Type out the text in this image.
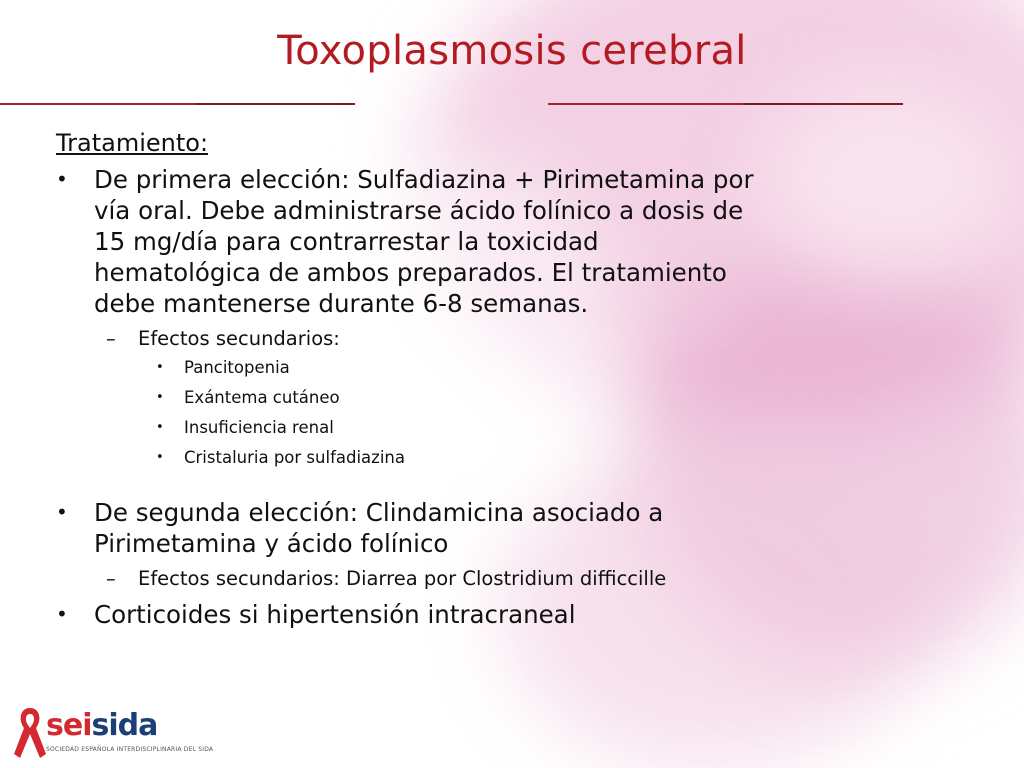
Toxoplasmosis cerebral
Tratamiento:
• De primera elección: Sulfadiazina + Pirimetamina por
vía oral. Debe administrarse ácido folínico a dosis de
15 mg/día para contrarrestar la toxicidad
hematológica de ambos preparados. El tratamiento
debe mantenerse durante 6-8 semanas.
– Efectos secundarios:
• Pancitopenia
• Exántema cutáneo
• Insuficiencia renal
• Cristaluria por sulfadiazina
• De segunda elección: Clindamicina asociado a
Pirimetamina y ácido folínico
– Efectos secundarios: Diarrea por Clostridium difficcille
• Corticoides si hipertensión intracraneal
seisida
SOCIEDAD ESPAÑOLA INTERDISCIPLINARIA DEL SIDA
